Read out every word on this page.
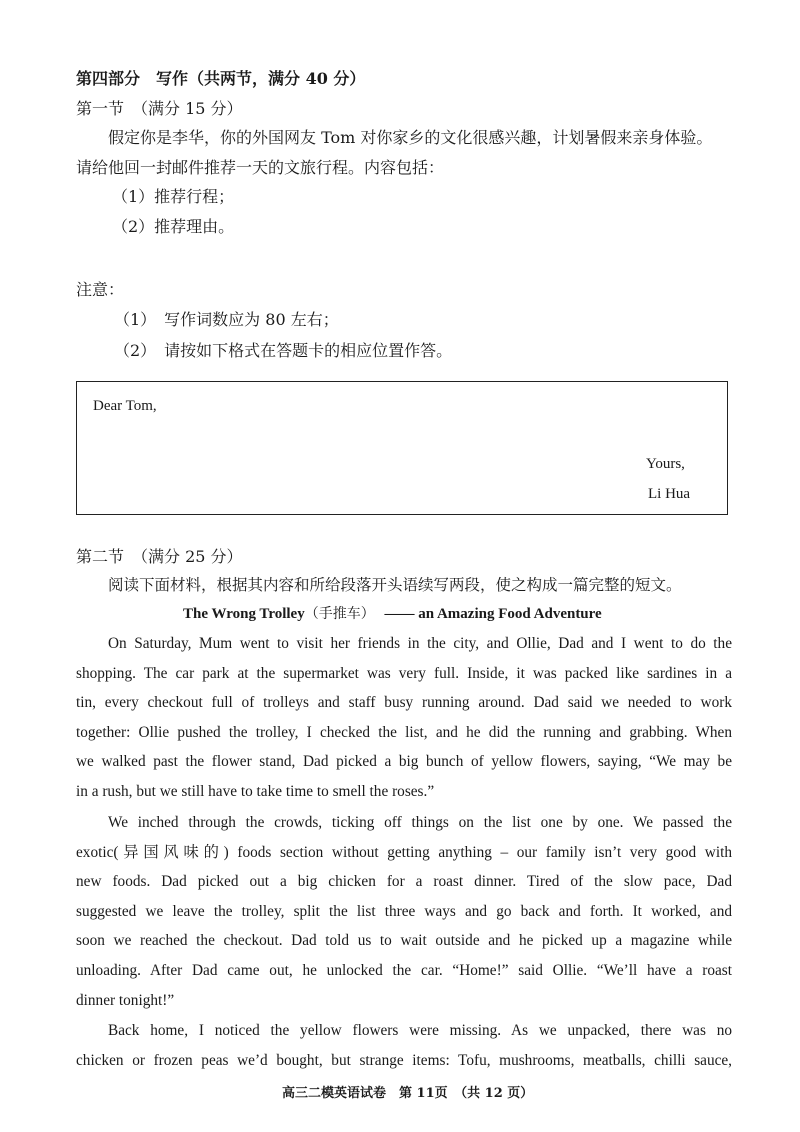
第四部分　写作（共两节，满分 40 分）
第一节　（满分 15 分）
假定你是李华，你的外国网友 Tom 对你家乡的文化很感兴趣，计划暑假来亲身体验。
请给他回一封邮件推荐一天的文旅行程。内容包括：
（1）推荐行程；
（2）推荐理由。
注意：
（1）　写作词数应为 80 左右；
（2）　请按如下格式在答题卡的相应位置作答。
Dear Tom,
Yours,
Li Hua
第二节　（满分 25 分）
阅读下面材料，根据其内容和所给段落开头语续写两段，使之构成一篇完整的短文。
The Wrong Trolley（手推车） —— an Amazing Food Adventure
On Saturday, Mum went to visit her friends in the city, and Ollie, Dad and I went to do the
shopping. The car park at the supermarket was very full. Inside, it was packed like sardines in a
tin, every checkout full of trolleys and staff busy running around. Dad said we needed to work
together: Ollie pushed the trolley, I checked the list, and he did the running and grabbing. When
we walked past the flower stand, Dad picked a big bunch of yellow flowers, saying, “We may be
in a rush, but we still have to take time to smell the roses.”
We inched through the crowds, ticking off things on the list one by one. We passed the
exotic(异国风味的) foods section without getting anything – our family isn’t very good with
new foods. Dad picked out a big chicken for a roast dinner. Tired of the slow pace, Dad
suggested we leave the trolley, split the list three ways and go back and forth. It worked, and
soon we reached the checkout. Dad told us to wait outside and he picked up a magazine while
unloading. After Dad came out, he unlocked the car. “Home!” said Ollie. “We’ll have a roast
dinner tonight!”
Back home, I noticed the yellow flowers were missing. As we unpacked, there was no
chicken or frozen peas we’d bought, but strange items: Tofu, mushrooms, meatballs, chilli sauce,
高三二模英语试卷　第 11页　（共 12 页）
